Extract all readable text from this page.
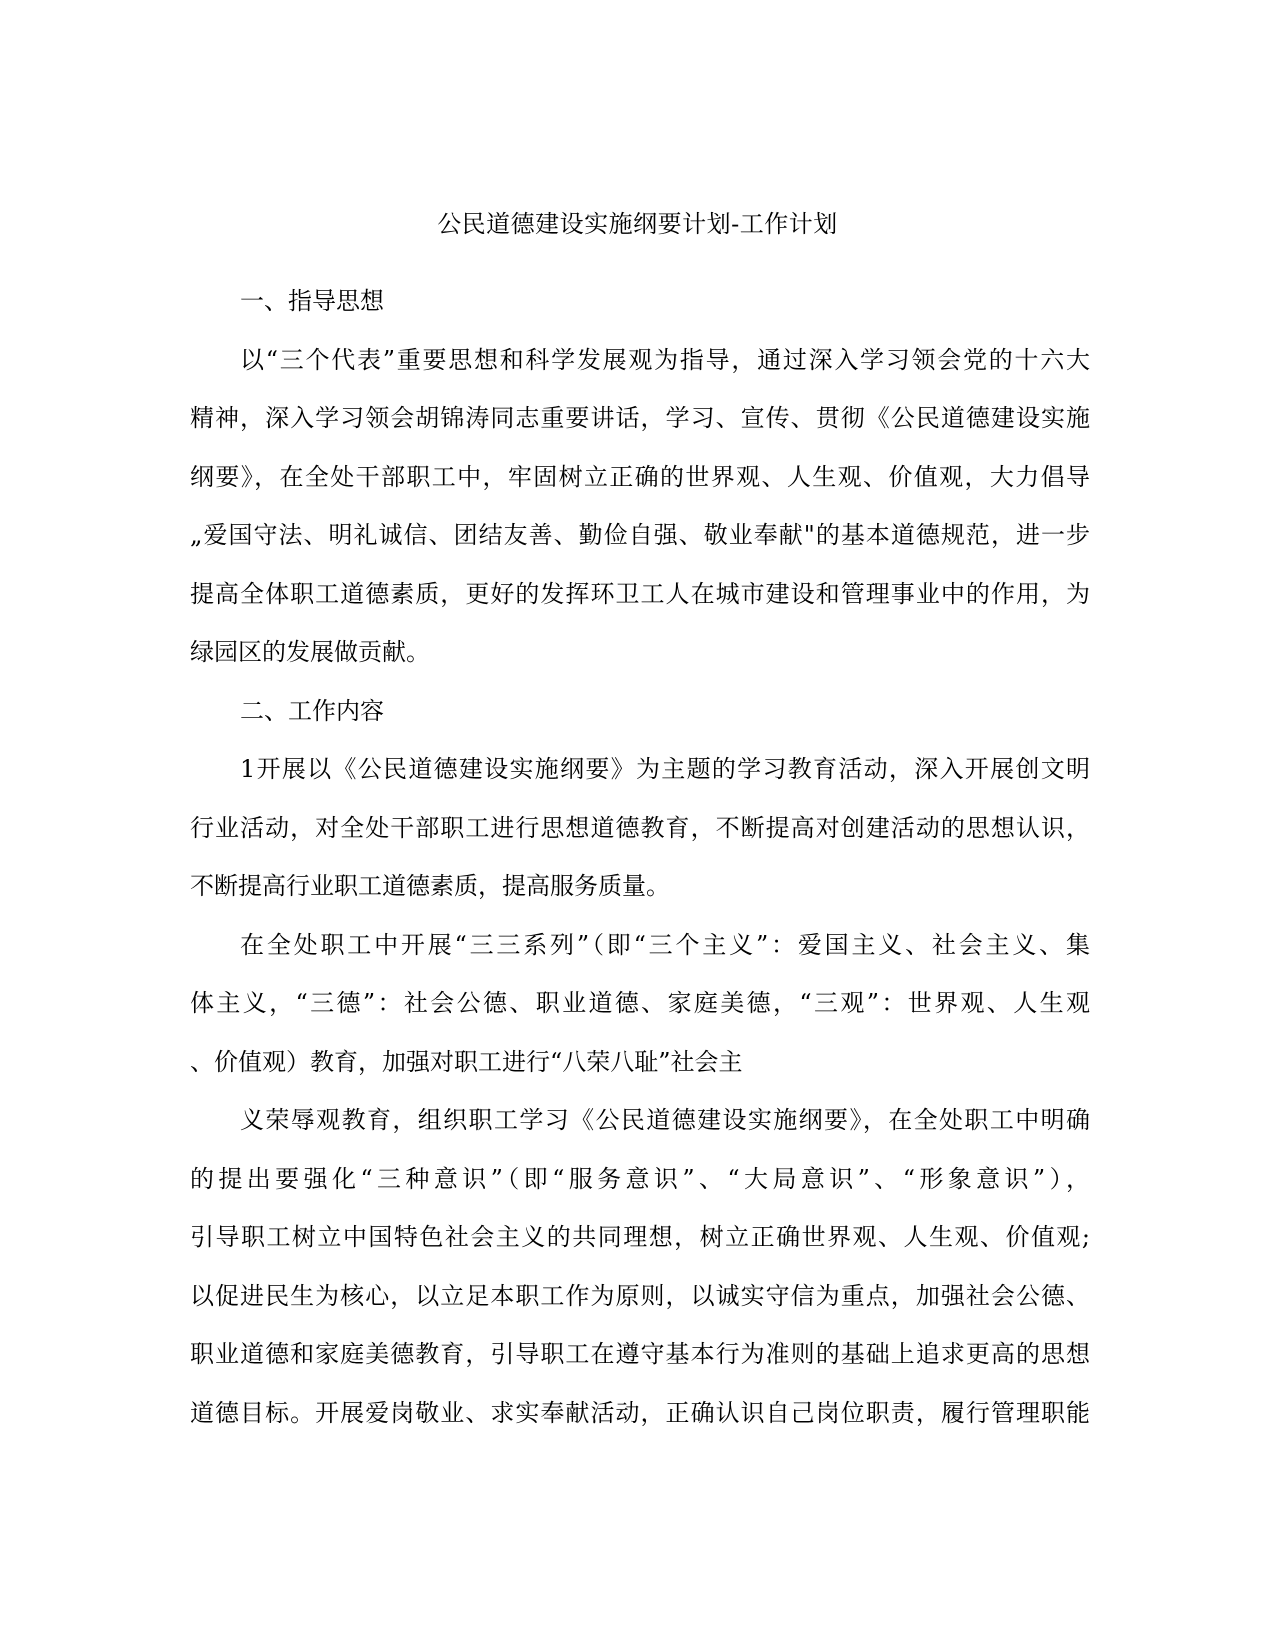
公民道德建设实施纲要计划-工作计划
一、指导思想
以“三个代表”重要思想和科学发展观为指导，通过深入学习领会党的十六大
精神，深入学习领会胡锦涛同志重要讲话，学习、宣传、贯彻《公民道德建设实施
纲要》，在全处干部职工中，牢固树立正确的世界观、人生观、价值观，大力倡导
„爱国守法、明礼诚信、团结友善、勤俭自强、敬业奉献"的基本道德规范，进一步
提高全体职工道德素质，更好的发挥环卫工人在城市建设和管理事业中的作用，为
绿园区的发展做贡献。
二、工作内容
1开展以《公民道德建设实施纲要》为主题的学习教育活动，深入开展创文明
行业活动，对全处干部职工进行思想道德教育，不断提高对创建活动的思想认识，
不断提高行业职工道德素质，提高服务质量。
在全处职工中开展“三三系列”（即“三个主义”：爱国主义、社会主义、集
体主义，“三德”：社会公德、职业道德、家庭美德，“三观”：世界观、人生观
、价值观）教育，加强对职工进行“八荣八耻”社会主
义荣辱观教育，组织职工学习《公民道德建设实施纲要》，在全处职工中明确
的提出要强化“三种意识”（即“服务意识”、“大局意识”、“形象意识”），
引导职工树立中国特色社会主义的共同理想，树立正确世界观、人生观、价值观;
以促进民生为核心，以立足本职工作为原则，以诚实守信为重点，加强社会公德、
职业道德和家庭美德教育，引导职工在遵守基本行为准则的基础上追求更高的思想
道德目标。开展爱岗敬业、求实奉献活动，正确认识自己岗位职责，履行管理职能
